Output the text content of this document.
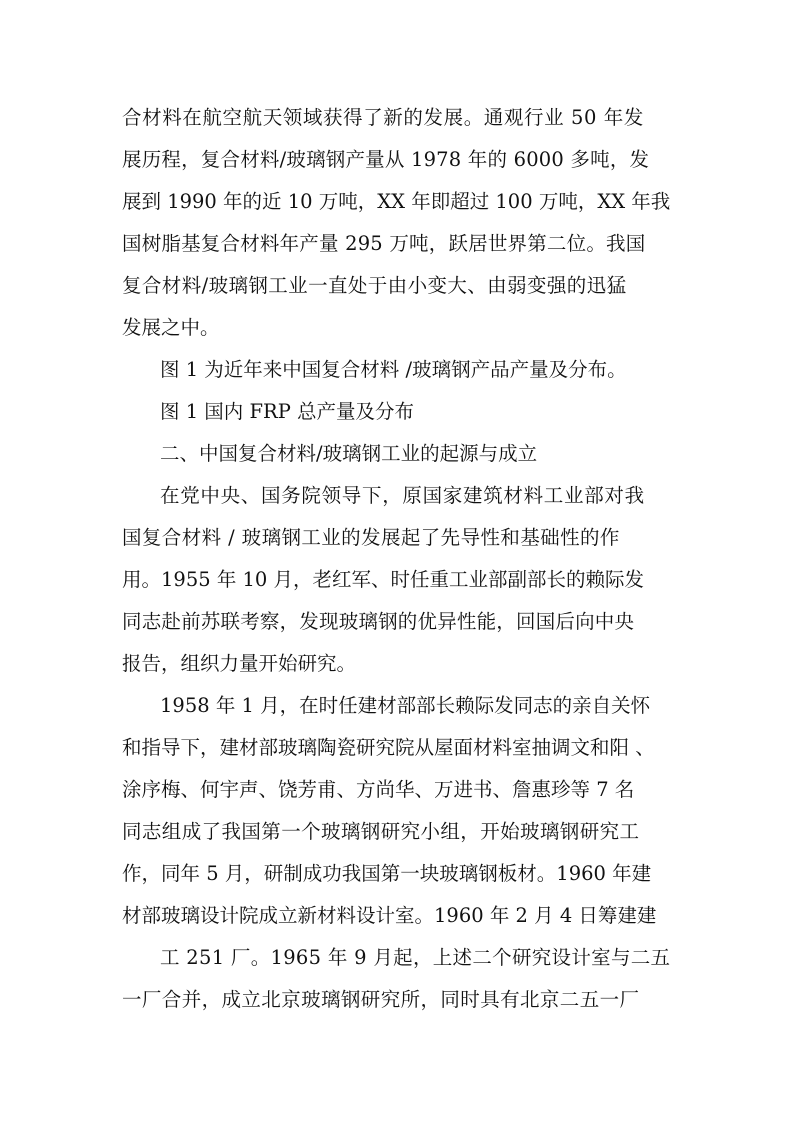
合材料在航空航天领域获得了新的发展。通观行业 50 年发
展历程，复合材料/玻璃钢产量从 1978 年的 6000 多吨，发
展到 1990 年的近 10 万吨，XX 年即超过 100 万吨，XX 年我
国树脂基复合材料年产量 295 万吨，跃居世界第二位。我国
复合材料/玻璃钢工业一直处于由小变大、由弱变强的迅猛
发展之中。
图 1 为近年来中国复合材料 /玻璃钢产品产量及分布。
图 1 国内 FRP 总产量及分布
二、中国复合材料/玻璃钢工业的起源与成立
在党中央、国务院领导下，原国家建筑材料工业部对我
国复合材料 / 玻璃钢工业的发展起了先导性和基础性的作
用。1955 年 10 月，老红军、时任重工业部副部长的赖际发
同志赴前苏联考察，发现玻璃钢的优异性能，回国后向中央
报告，组织力量开始研究。
1958 年 1 月，在时任建材部部长赖际发同志的亲自关怀
和指导下，建材部玻璃陶瓷研究院从屋面材料室抽调文和阳 、
涂序梅、何宇声、饶芳甫、方尚华、万进书、詹惠珍等 7 名
同志组成了我国第一个玻璃钢研究小组，开始玻璃钢研究工
作，同年 5 月，研制成功我国第一块玻璃钢板材。1960 年建
材部玻璃设计院成立新材料设计室。1960 年 2 月 4 日筹建建
工 251 厂。1965 年 9 月起，上述二个研究设计室与二五
一厂合并，成立北京玻璃钢研究所，同时具有北京二五一厂
